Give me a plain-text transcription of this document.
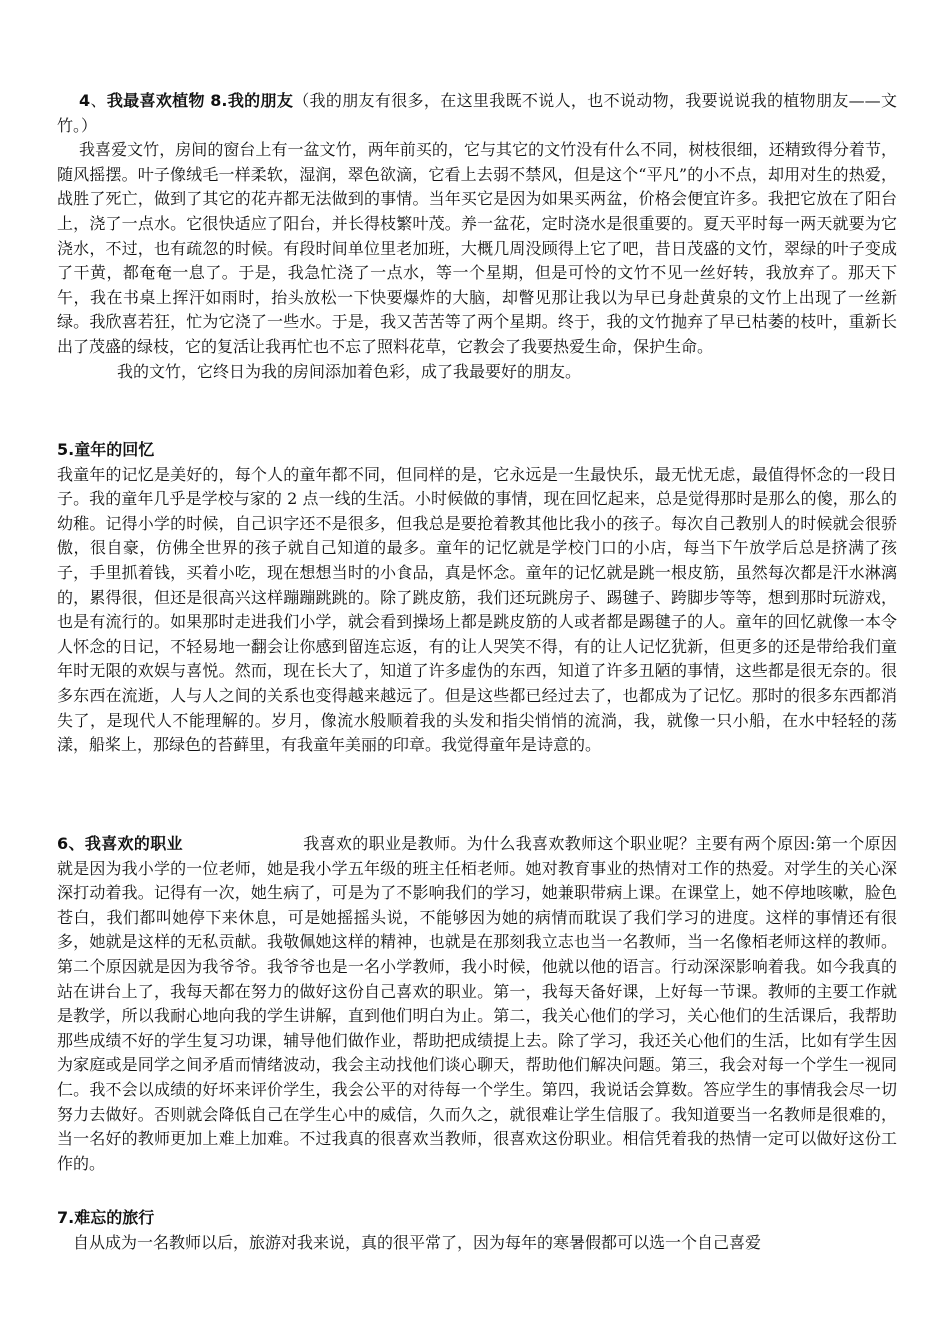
4、我最喜欢植物 8.我的朋友（我的朋友有很多，在这里我既不说人，也不说动物，我要说说我的植物朋友——文竹。）

我喜爱文竹，房间的窗台上有一盆文竹，两年前买的，它与其它的文竹没有什么不同，树枝很细，还精致得分着节，随风摇摆。叶子像绒毛一样柔软，湿润，翠色欲滴，它看上去弱不禁风，但是这个“平凡”的小不点，却用对生的热爱，战胜了死亡，做到了其它的花卉都无法做到的事情。当年买它是因为如果买两盆，价格会便宜许多。我把它放在了阳台上，浇了一点水。它很快适应了阳台，并长得枝繁叶茂。养一盆花，定时浇水是很重要的。夏天平时每一两天就要为它浇水，不过，也有疏忽的时候。有段时间单位里老加班，大概几周没顾得上它了吧，昔日茂盛的文竹，翠绿的叶子变成了干黄，都奄奄一息了。于是，我急忙浇了一点水，等一个星期，但是可怜的文竹不见一丝好转，我放弃了。那天下午，我在书桌上挥汗如雨时，抬头放松一下快要爆炸的大脑，却瞥见那让我以为早已身赴黄泉的文竹上出现了一丝新绿。我欣喜若狂，忙为它浇了一些水。于是，我又苦苦等了两个星期。终于，我的文竹抛弃了早已枯萎的枝叶，重新长出了茂盛的绿枝，它的复活让我再忙也不忘了照料花草，它教会了我要热爱生命，保护生命。

我的文竹，它终日为我的房间添加着色彩，成了我最要好的朋友。

5.童年的回忆

我童年的记忆是美好的，每个人的童年都不同，但同样的是，它永远是一生最快乐，最无忧无虑，最值得怀念的一段日子。我的童年几乎是学校与家的 2 点一线的生活。小时候做的事情，现在回忆起来，总是觉得那时是那么的傻，那么的幼稚。记得小学的时候，自己识字还不是很多，但我总是要抢着教其他比我小的孩子。每次自己教别人的时候就会很骄傲，很自豪，仿佛全世界的孩子就自己知道的最多。童年的记忆就是学校门口的小店，每当下午放学后总是挤满了孩子，手里抓着钱，买着小吃，现在想想当时的小食品，真是怀念。童年的记忆就是跳一根皮筋，虽然每次都是汗水淋漓的，累得很，但还是很高兴这样蹦蹦跳跳的。除了跳皮筋，我们还玩跳房子、踢毽子、跨脚步等等，想到那时玩游戏，也是有流行的。如果那时走进我们小学，就会看到操场上都是跳皮筋的人或者都是踢毽子的人。童年的回忆就像一本令人怀念的日记，不轻易地一翻会让你感到留连忘返，有的让人哭笑不得，有的让人记忆犹新，但更多的还是带给我们童年时无限的欢娱与喜悦。然而，现在长大了，知道了许多虚伪的东西，知道了许多丑陋的事情，这些都是很无奈的。很多东西在流逝，人与人之间的关系也变得越来越远了。但是这些都已经过去了，也都成为了记忆。那时的很多东西都消失了，是现代人不能理解的。岁月，像流水般顺着我的头发和指尖悄悄的流淌，我，就像一只小船，在水中轻轻的荡漾，船桨上，那绿色的苔藓里，有我童年美丽的印章。我觉得童年是诗意的。

6、我喜欢的职业	我喜欢的职业是教师。为什么我喜欢教师这个职业呢？主要有两个原因:第一个原因就是因为我小学的一位老师，她是我小学五年级的班主任栢老师。她对教育事业的热情对工作的热爱。对学生的关心深深打动着我。记得有一次，她生病了，可是为了不影响我们的学习，她兼职带病上课。在课堂上，她不停地咳嗽，脸色苍白，我们都叫她停下来休息，可是她摇摇头说，不能够因为她的病情而耽误了我们学习的进度。这样的事情还有很多，她就是这样的无私贡献。我敬佩她这样的精神，也就是在那刻我立志也当一名教师，当一名像栢老师这样的教师。第二个原因就是因为我爷爷。我爷爷也是一名小学教师，我小时候，他就以他的语言。行动深深影响着我。如今我真的站在讲台上了，我每天都在努力的做好这份自己喜欢的职业。第一，我每天备好课，上好每一节课。教师的主要工作就是教学，所以我耐心地向我的学生讲解，直到他们明白为止。第二，我关心他们的学习，关心他们的生活课后，我帮助那些成绩不好的学生复习功课，辅导他们做作业，帮助把成绩提上去。除了学习，我还关心他们的生活，比如有学生因为家庭或是同学之间矛盾而情绪波动，我会主动找他们谈心聊天，帮助他们解决问题。第三，我会对每一个学生一视同仁。我不会以成绩的好坏来评价学生，我会公平的对待每一个学生。第四，我说话会算数。答应学生的事情我会尽一切努力去做好。否则就会降低自己在学生心中的威信，久而久之，就很难让学生信服了。我知道要当一名教师是很难的，当一名好的教师更加上难上加难。不过我真的很喜欢当教师，很喜欢这份职业。相信凭着我的热情一定可以做好这份工作的。

7.难忘的旅行

自从成为一名教师以后，旅游对我来说，真的很平常了，因为每年的寒暑假都可以选一个自己喜爱
